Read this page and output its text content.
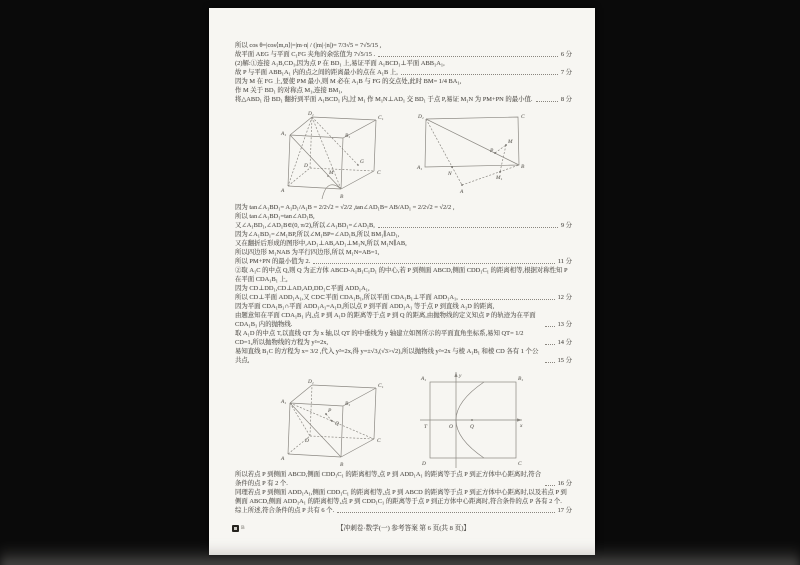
所以 cos θ=|cos⟨m,n⟩|=|m·n| / (|m|·|n|)= 7/3√5 = 7√5/15 ,
故平面 AEG 与平面 C₁FG 夹角的余弦值为 7√5/15 .	6 分
(2)解:①连接 A₁B,CD₁,因为点 P 在 BD₁ 上,易证平面 A₁BCD₁⊥平面 ABB₁A₁,
故 P 与平面 ABB₁A₁ 内的点之间的距离最小的点在 A₁B 上,	7 分
因为 M 在 FG 上,要使 PM 最小,则 M 必在 A₁B 与 FG 的交点处,此时 BM= 1/4 BA₁,
作 M 关于 BD₁ 的对称点 M₁,连接 BM₁,
将△ABD₁ 沿 BD₁ 翻折到平面 A₁BCD₁ 内,过 M₁ 作 M₁N⊥AD₁ 交 BD₁ 于点 P,易证 M₁N 为 PM+PN 的最小值.	8 分
D₁
C₁
A₁	B₁
D
G
C
A
M
B
D₁	C
A₁	B
P
M
M₁
N
A
因为 tan∠A₁BD₁= A₁D₁/A₁B = 2/2√2 = √2/2 ,tan∠AD₁B= AB/AD₁ = 2/2√2 = √2/2 ,
所以 tan∠A₁BD₁=tan∠AD₁B,
又∠A₁BD₁,∠AD₁B∈(0, π/2),所以∠A₁BD₁=∠AD₁B,	9 分
因为∠A₁BD₁=∠M₁BP,所以∠M₁BP=∠AD₁B,所以 BM₁∥AD₁,
又在翻折后形成的图形中,AD₁⊥AB,AD₁⊥M₁N,所以 M₁N∥AB,
所以四边形 M₁NAB 为平行四边形,所以 M₁N=AB=1,
所以 PM+PN 的最小值为 2.	11 分
②取 A₁C 的中点 Q,则 Q 为正方体 ABCD-A₁B₁C₁D₁ 的中心,若 P 到侧面 ABCD,侧面 CDD₁C₁ 的距离相等,根据对称性知 P 在平面 CDA₁B₁ 上,
因为 CD⊥DD₁,CD⊥AD,AD,DD₁⊂平面 ADD₁A₁,
所以 CD⊥平面 ADD₁A₁,又 CD⊂平面 CDA₁B₁,所以平面 CDA₁B₁⊥平面 ADD₁A₁,	12 分
因为平面 CDA₁B₁∩平面 ADD₁A₁=A₁D,所以点 P 到平面 ADD₁A₁ 等于点 P 到直线 A₁D 的距离,
由题意知在平面 CDA₁B₁ 内,点 P 到 A₁D 的距离等于点 P 到 Q 的距离,由抛物线的定义知点 P 的轨迹为在平面 CDA₁B₁ 内的抛物线.	13 分
取 A₁D 的中点 T,以直线 QT 为 x 轴,以 QT 的中垂线为 y 轴建立如图所示的平面直角坐标系,易知 QT= 1/2 CD=1,所以抛物线的方程为 y²=2x,	14 分
易知直线 B₁C 的方程为 x= 3/2 ,代入 y²=2x,得 y=±√3,(√3>√2),所以抛物线 y²=2x 与棱 A₁B₁ 和棱 CD 各有 1 个公共点,	15 分
D₁
C₁
A₁	B₁
P
Q
D	C
A
B
A₁	B₁
D	C
T	O	Q	x
y
所以若点 P 到侧面 ABCD,侧面 CDD₁C₁ 的距离相等,点 P 到 ADD₁A₁ 的距离等于点 P 到正方体中心距离时,符合条件的点 P 有 2 个.	16 分
同理若点 P 到侧面 ADD₁A₁,侧面 CDD₁C₁ 的距离相等,点 P 到 ABCD 的距离等于点 P 到正方体中心距离时,以及若点 P 到侧面 ABCD,侧面 ADD₁A₁ 的距离相等,点 P 到 CDD₁C₁ 的距离等于点 P 到正方体中心距离时,符合条件的点 P 各有 2 个.
综上所述,符合条件的点 P 共有 6 个.	17 分
B	【冲刺卷·数学(一) 参考答案 第 6 页(共 8 页)】
